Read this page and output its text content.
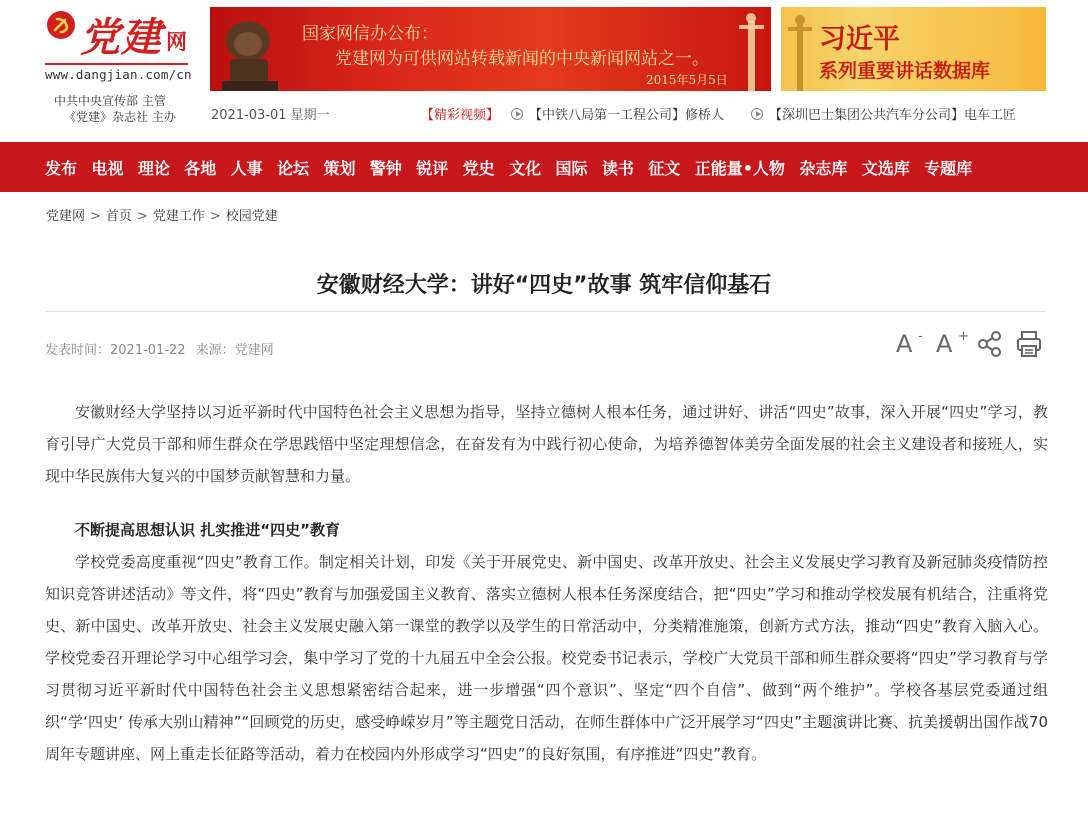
党建 网
www.dangjian.com/cn
中共中央宣传部 主管
《党建》杂志社 主办
国家网信办公布：
党建网为可供网站转载新闻的中央新闻网站之一。
2015年5月5日
习近平
系列重要讲话数据库
2021-03-01 星期一	【精彩视频】	【中铁八局第一工程公司】修桥人	【深圳巴士集团公共汽车分公司】电车工匠
发布 电视 理论 各地 人事 论坛 策划 警钟 锐评 党史 文化 国际 读书 征文 正能量•人物 杂志库 文选库 专题库
党建网 > 首页 > 党建工作 > 校园党建
安徽财经大学：讲好“四史”故事 筑牢信仰基石
发表时间：2021-01-22 来源：党建网	A - A +

安徽财经大学坚持以习近平新时代中国特色社会主义思想为指导，坚持立德树人根本任务，通过讲好、讲活“四史”故事，深入开展“四史”学习，教育引导广大党员干部和师生群众在学思践悟中坚定理想信念，在奋发有为中践行初心使命，为培养德智体美劳全面发展的社会主义建设者和接班人，实现中华民族伟大复兴的中国梦贡献智慧和力量。

不断提高思想认识 扎实推进“四史”教育

学校党委高度重视“四史”教育工作。制定相关计划，印发《关于开展党史、新中国史、改革开放史、社会主义发展史学习教育及新冠肺炎疫情防控知识竞答讲述活动》等文件，将“四史”教育与加强爱国主义教育、落实立德树人根本任务深度结合，把“四史”学习和推动学校发展有机结合，注重将党史、新中国史、改革开放史、社会主义发展史融入第一课堂的教学以及学生的日常活动中，分类精准施策，创新方式方法，推动“四史”教育入脑入心。学校党委召开理论学习中心组学习会，集中学习了党的十九届五中全会公报。校党委书记表示，学校广大党员干部和师生群众要将“四史”学习教育与学习贯彻习近平新时代中国特色社会主义思想紧密结合起来，进一步增强“四个意识”、坚定“四个自信”、做到“两个维护”。学校各基层党委通过组织“学‘四史’ 传承大别山精神”“回顾党的历史，感受峥嵘岁月”等主题党日活动，在师生群体中广泛开展学习“四史”主题演讲比赛、抗美援朝出国作战70周年专题讲座、网上重走长征路等活动，着力在校园内外形成学习“四史”的良好氛围，有序推进“四史”教育。
